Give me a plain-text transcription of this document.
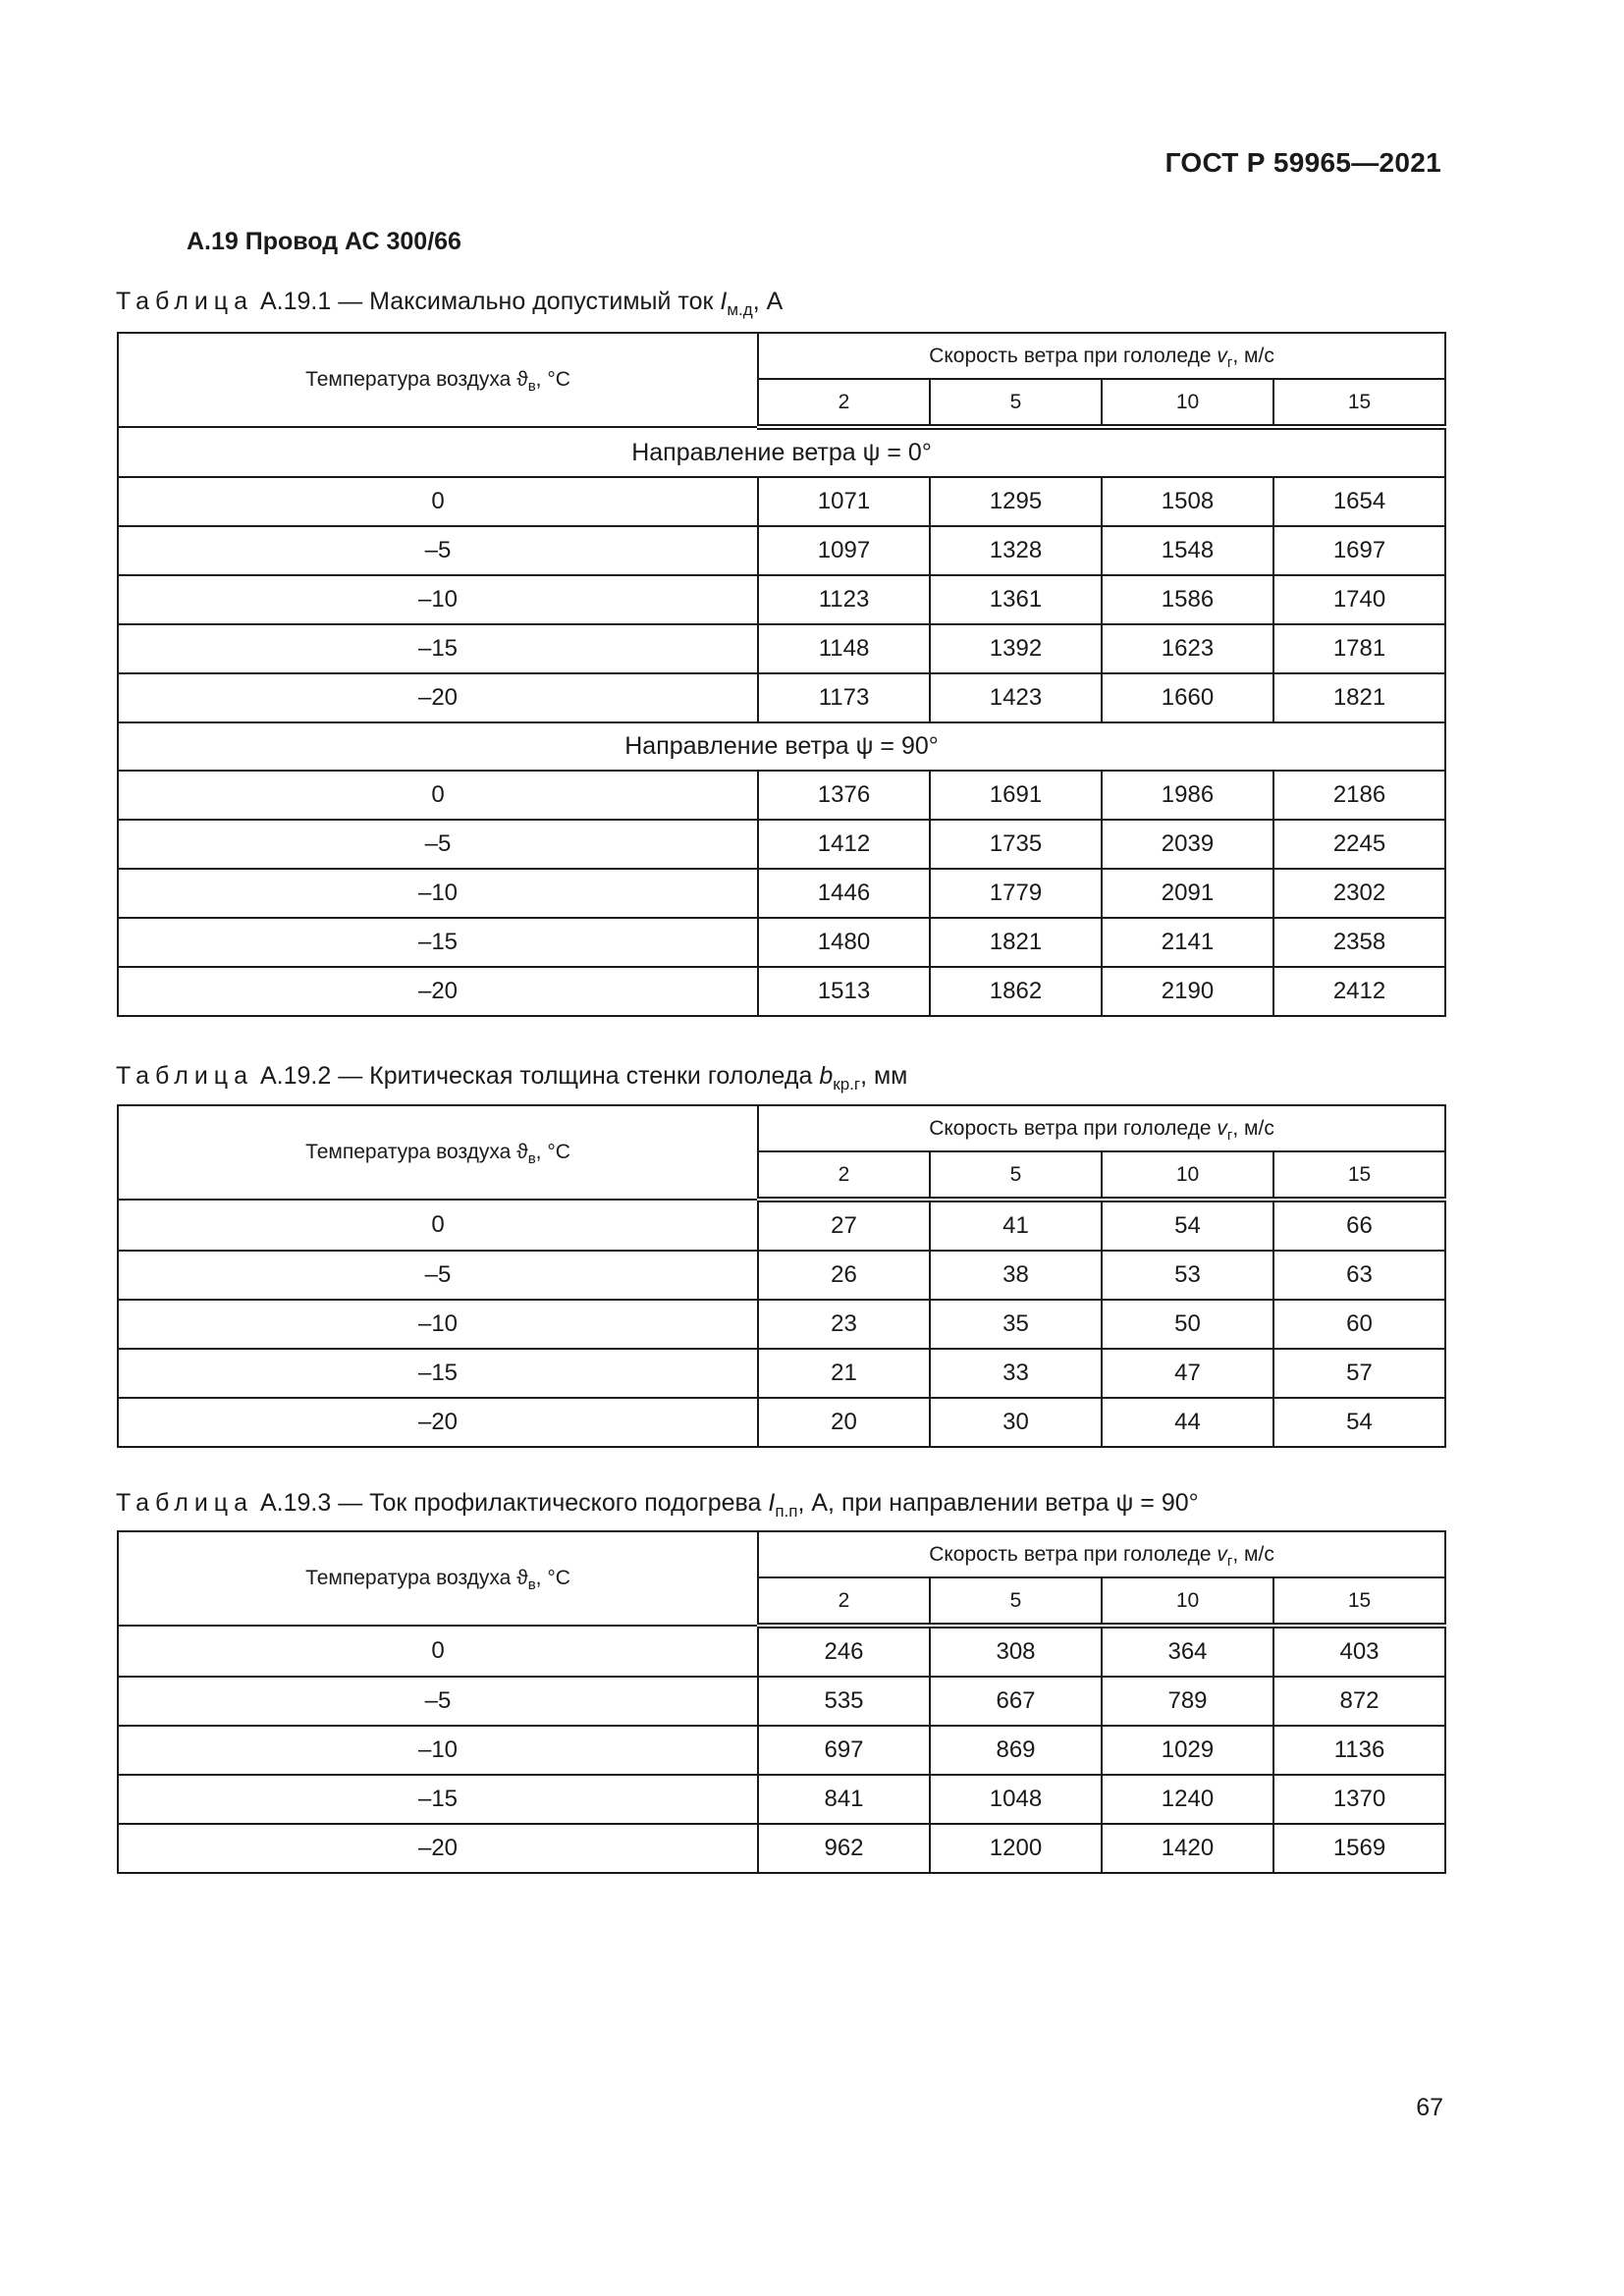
ГОСТ Р 59965—2021
А.19 Провод АС 300/66
Таблица А.19.1 — Максимально допустимый ток $I_{м.д}$, А
Температура воздуха $ϑ_в$, °С	Скорость ветра при гололеде $v_г$, м/с			
	2	5	10	15
Направление ветра ψ = 0°				
0	1071	1295	1508	1654
–5	1097	1328	1548	1697
–10	1123	1361	1586	1740
–15	1148	1392	1623	1781
–20	1173	1423	1660	1821
Направление ветра ψ = 90°				
0	1376	1691	1986	2186
–5	1412	1735	2039	2245
–10	1446	1779	2091	2302
–15	1480	1821	2141	2358
–20	1513	1862	2190	2412
Таблица А.19.2 — Критическая толщина стенки гололеда $b_{кр.г}$, мм
Температура воздуха $ϑ_в$, °С	Скорость ветра при гололеде $v_г$, м/с			
	2	5	10	15
0	27	41	54	66
–5	26	38	53	63
–10	23	35	50	60
–15	21	33	47	57
–20	20	30	44	54
Таблица А.19.3 — Ток профилактического подогрева $I_{п.п}$, А, при направлении ветра ψ = 90°
Температура воздуха $ϑ_в$, °С	Скорость ветра при гололеде $v_г$, м/с			
	2	5	10	15
0	246	308	364	403
–5	535	667	789	872
–10	697	869	1029	1136
–15	841	1048	1240	1370
–20	962	1200	1420	1569
67
